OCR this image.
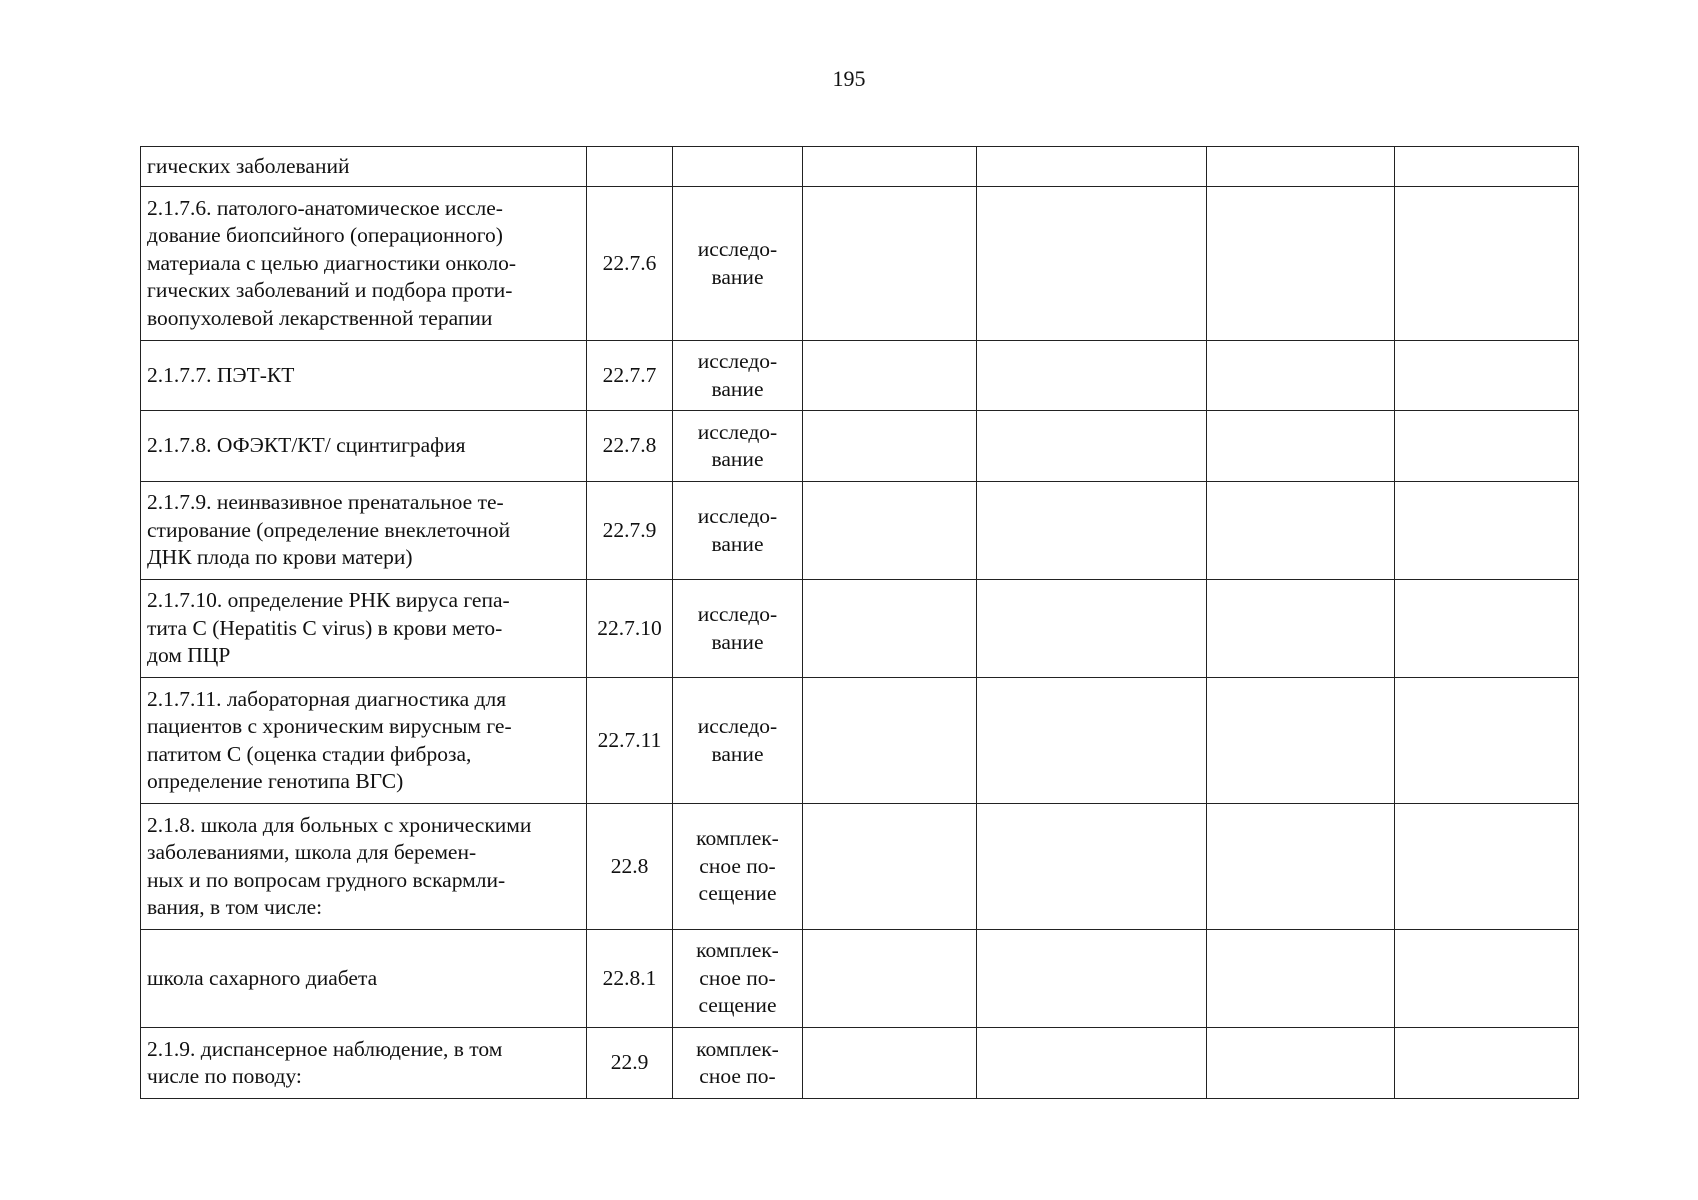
195
гических заболеваний						

2.1.7.6. патолого-анатомическое иссле-
дование биопсийного (операционного)
материала с целью диагностики онколо-
гических заболеваний и подбора проти-
воопухолевой лекарственной терапии	22.7.6	исследо-
вание				

2.1.7.7. ПЭТ-КТ	22.7.7	исследо-
вание				

2.1.7.8. ОФЭКТ/КТ/ сцинтиграфия	22.7.8	исследо-
вание				

2.1.7.9. неинвазивное пренатальное те-
стирование (определение внеклеточной
ДНК плода по крови матери)	22.7.9	исследо-
вание				

2.1.7.10. определение РНК вируса гепа-
тита С (Hepatitis C virus) в крови мето-
дом ПЦР	22.7.10	исследо-
вание				

2.1.7.11. лабораторная диагностика для
пациентов с хроническим вирусным ге-
патитом С (оценка стадии фиброза,
определение генотипа ВГС)	22.7.11	исследо-
вание				

2.1.8. школа для больных с хроническими заболеваниями, школа для беремен-
ных и по вопросам грудного вскармли-
вания, в том числе:	22.8	комплек-
сное по-
сещение				

школа сахарного диабета	22.8.1	комплек-
сное по-
сещение				

2.1.9. диспансерное наблюдение, в том
числе по поводу:	22.9	комплек-
сное по-				
